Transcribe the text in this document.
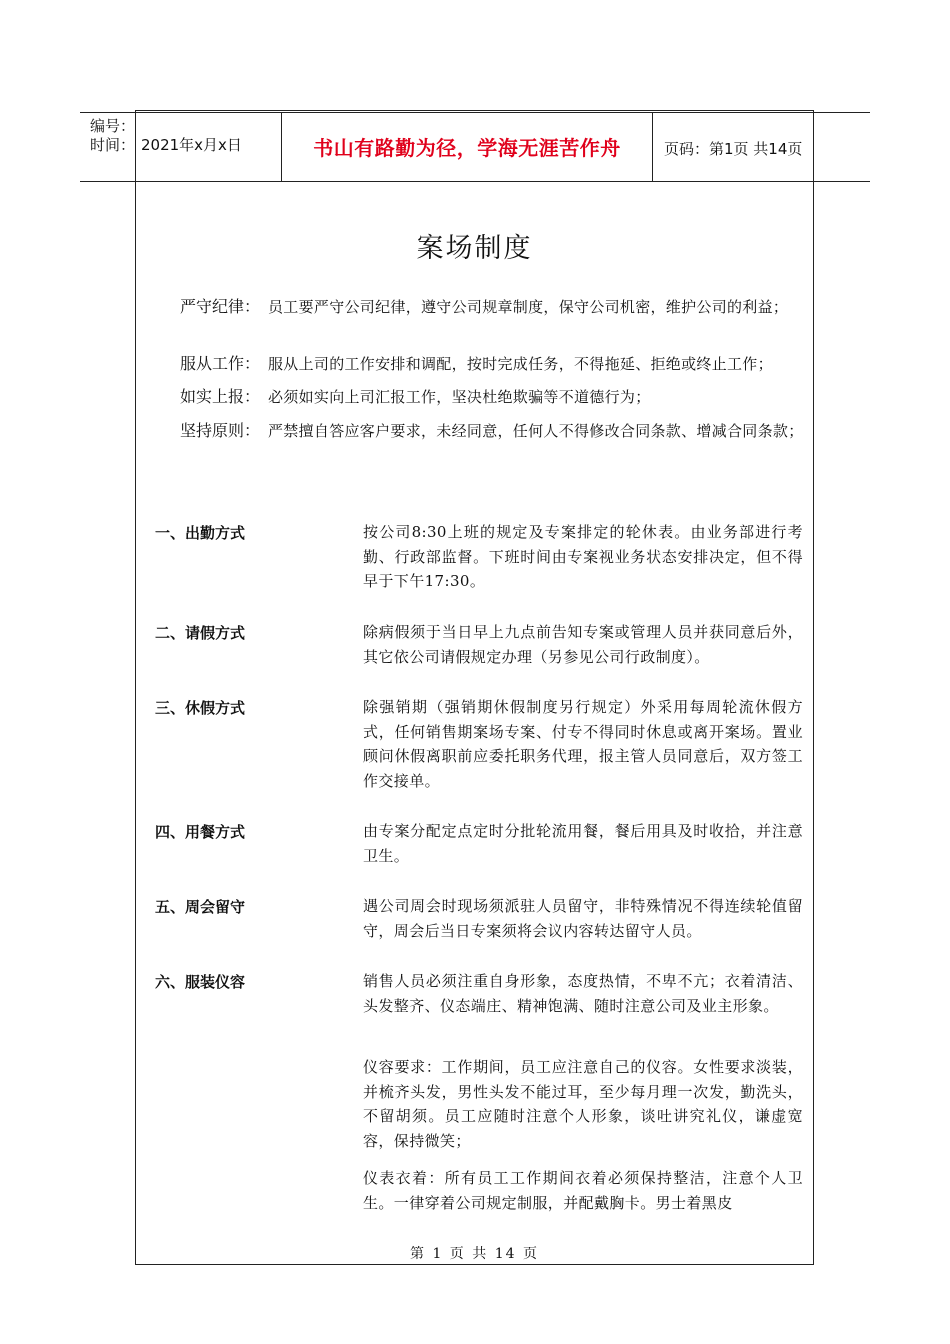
编号：
时间： 2021年x月x日	书山有路勤为径，学海无涯苦作舟	页码：第1页 共14页
案场制度
严守纪律： 员工要严守公司纪律，遵守公司规章制度，保守公司机密，维护公司的利益；
服从工作： 服从上司的工作安排和调配，按时完成任务，不得拖延、拒绝或终止工作；
如实上报： 必须如实向上司汇报工作，坚决杜绝欺骗等不道德行为；
坚持原则： 严禁擅自答应客户要求，未经同意，任何人不得修改合同条款、增减合同条款；
一、出勤方式	按公司8:30上班的规定及专案排定的轮休表。由业务部进行考勤、行政部监督。下班时间由专案视业务状态安排决定，但不得早于下午17:30。
二、请假方式	除病假须于当日早上九点前告知专案或管理人员并获同意后外，其它依公司请假规定办理（另参见公司行政制度）。
三、休假方式	除强销期（强销期休假制度另行规定）外采用每周轮流休假方式，任何销售期案场专案、付专不得同时休息或离开案场。置业顾问休假离职前应委托职务代理，报主管人员同意后，双方签工作交接单。
四、用餐方式	由专案分配定点定时分批轮流用餐，餐后用具及时收拾，并注意卫生。
五、周会留守	遇公司周会时现场须派驻人员留守，非特殊情况不得连续轮值留守，周会后当日专案须将会议内容转达留守人员。
六、服装仪容	销售人员必须注重自身形象，态度热情，不卑不亢；衣着清洁、头发整齐、仪态端庄、精神饱满、随时注意公司及业主形象。
仪容要求：工作期间，员工应注意自己的仪容。女性要求淡装，并梳齐头发，男性头发不能过耳，至少每月理一次发，勤洗头，不留胡须。员工应随时注意个人形象，谈吐讲究礼仪，谦虚宽容，保持微笑；
仪表衣着：所有员工工作期间衣着必须保持整洁，注意个人卫生。一律穿着公司规定制服，并配戴胸卡。男士着黑皮
第 1 页 共 14 页
